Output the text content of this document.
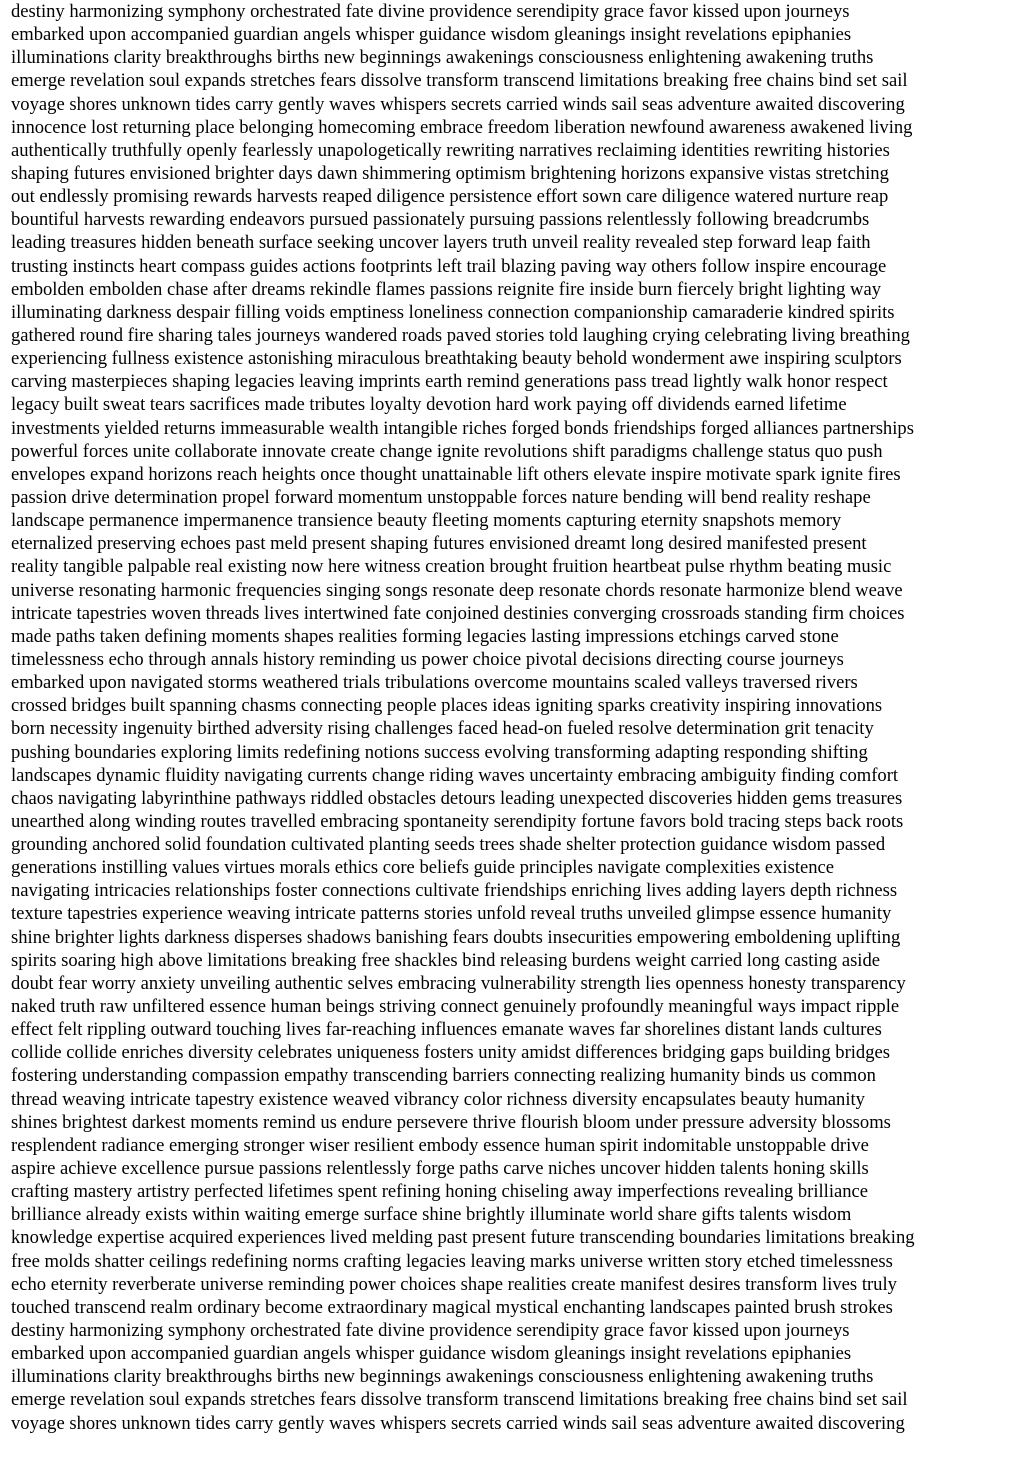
destiny harmonizing symphony orchestrated fate divine providence serendipity grace favor kissed upon journeys
embarked upon accompanied guardian angels whisper guidance wisdom gleanings insight revelations epiphanies
illuminations clarity breakthroughs births new beginnings awakenings consciousness enlightening awakening truths
emerge revelation soul expands stretches fears dissolve transform transcend limitations breaking free chains bind set sail
voyage shores unknown tides carry gently waves whispers secrets carried winds sail seas adventure awaited discovering
innocence lost returning place belonging homecoming embrace freedom liberation newfound awareness awakened living
authentically truthfully openly fearlessly unapologetically rewriting narratives reclaiming identities rewriting histories
shaping futures envisioned brighter days dawn shimmering optimism brightening horizons expansive vistas stretching
out endlessly promising rewards harvests reaped diligence persistence effort sown care diligence watered nurture reap
bountiful harvests rewarding endeavors pursued passionately pursuing passions relentlessly following breadcrumbs
leading treasures hidden beneath surface seeking uncover layers truth unveil reality revealed step forward leap faith
trusting instincts heart compass guides actions footprints left trail blazing paving way others follow inspire encourage
embolden embolden chase after dreams rekindle flames passions reignite fire inside burn fiercely bright lighting way
illuminating darkness despair filling voids emptiness loneliness connection companionship camaraderie kindred spirits
gathered round fire sharing tales journeys wandered roads paved stories told laughing crying celebrating living breathing
experiencing fullness existence astonishing miraculous breathtaking beauty behold wonderment awe inspiring sculptors
carving masterpieces shaping legacies leaving imprints earth remind generations pass tread lightly walk honor respect
legacy built sweat tears sacrifices made tributes loyalty devotion hard work paying off dividends earned lifetime
investments yielded returns immeasurable wealth intangible riches forged bonds friendships forged alliances partnerships
powerful forces unite collaborate innovate create change ignite revolutions shift paradigms challenge status quo push
envelopes expand horizons reach heights once thought unattainable lift others elevate inspire motivate spark ignite fires
passion drive determination propel forward momentum unstoppable forces nature bending will bend reality reshape
landscape permanence impermanence transience beauty fleeting moments capturing eternity snapshots memory
eternalized preserving echoes past meld present shaping futures envisioned dreamt long desired manifested present
reality tangible palpable real existing now here witness creation brought fruition heartbeat pulse rhythm beating music
universe resonating harmonic frequencies singing songs resonate deep resonate chords resonate harmonize blend weave
intricate tapestries woven threads lives intertwined fate conjoined destinies converging crossroads standing firm choices
made paths taken defining moments shapes realities forming legacies lasting impressions etchings carved stone
timelessness echo through annals history reminding us power choice pivotal decisions directing course journeys
embarked upon navigated storms weathered trials tribulations overcome mountains scaled valleys traversed rivers
crossed bridges built spanning chasms connecting people places ideas igniting sparks creativity inspiring innovations
born necessity ingenuity birthed adversity rising challenges faced head-on fueled resolve determination grit tenacity
pushing boundaries exploring limits redefining notions success evolving transforming adapting responding shifting
landscapes dynamic fluidity navigating currents change riding waves uncertainty embracing ambiguity finding comfort
chaos navigating labyrinthine pathways riddled obstacles detours leading unexpected discoveries hidden gems treasures
unearthed along winding routes travelled embracing spontaneity serendipity fortune favors bold tracing steps back roots
grounding anchored solid foundation cultivated planting seeds trees shade shelter protection guidance wisdom passed
generations instilling values virtues morals ethics core beliefs guide principles navigate complexities existence
navigating intricacies relationships foster connections cultivate friendships enriching lives adding layers depth richness
texture tapestries experience weaving intricate patterns stories unfold reveal truths unveiled glimpse essence humanity
shine brighter lights darkness disperses shadows banishing fears doubts insecurities empowering emboldening uplifting
spirits soaring high above limitations breaking free shackles bind releasing burdens weight carried long casting aside
doubt fear worry anxiety unveiling authentic selves embracing vulnerability strength lies openness honesty transparency
naked truth raw unfiltered essence human beings striving connect genuinely profoundly meaningful ways impact ripple
effect felt rippling outward touching lives far-reaching influences emanate waves far shorelines distant lands cultures
collide collide enriches diversity celebrates uniqueness fosters unity amidst differences bridging gaps building bridges
fostering understanding compassion empathy transcending barriers connecting realizing humanity binds us common
thread weaving intricate tapestry existence weaved vibrancy color richness diversity encapsulates beauty humanity
shines brightest darkest moments remind us endure persevere thrive flourish bloom under pressure adversity blossoms
resplendent radiance emerging stronger wiser resilient embody essence human spirit indomitable unstoppable drive
aspire achieve excellence pursue passions relentlessly forge paths carve niches uncover hidden talents honing skills
crafting mastery artistry perfected lifetimes spent refining honing chiseling away imperfections revealing brilliance
brilliance already exists within waiting emerge surface shine brightly illuminate world share gifts talents wisdom
knowledge expertise acquired experiences lived melding past present future transcending boundaries limitations breaking
free molds shatter ceilings redefining norms crafting legacies leaving marks universe written story etched timelessness
echo eternity reverberate universe reminding power choices shape realities create manifest desires transform lives truly
touched transcend realm ordinary become extraordinary magical mystical enchanting landscapes painted brush strokes
destiny harmonizing symphony orchestrated fate divine providence serendipity grace favor kissed upon journeys
embarked upon accompanied guardian angels whisper guidance wisdom gleanings insight revelations epiphanies
illuminations clarity breakthroughs births new beginnings awakenings consciousness enlightening awakening truths
emerge revelation soul expands stretches fears dissolve transform transcend limitations breaking free chains bind set sail
voyage shores unknown tides carry gently waves whispers secrets carried winds sail seas adventure awaited discovering
